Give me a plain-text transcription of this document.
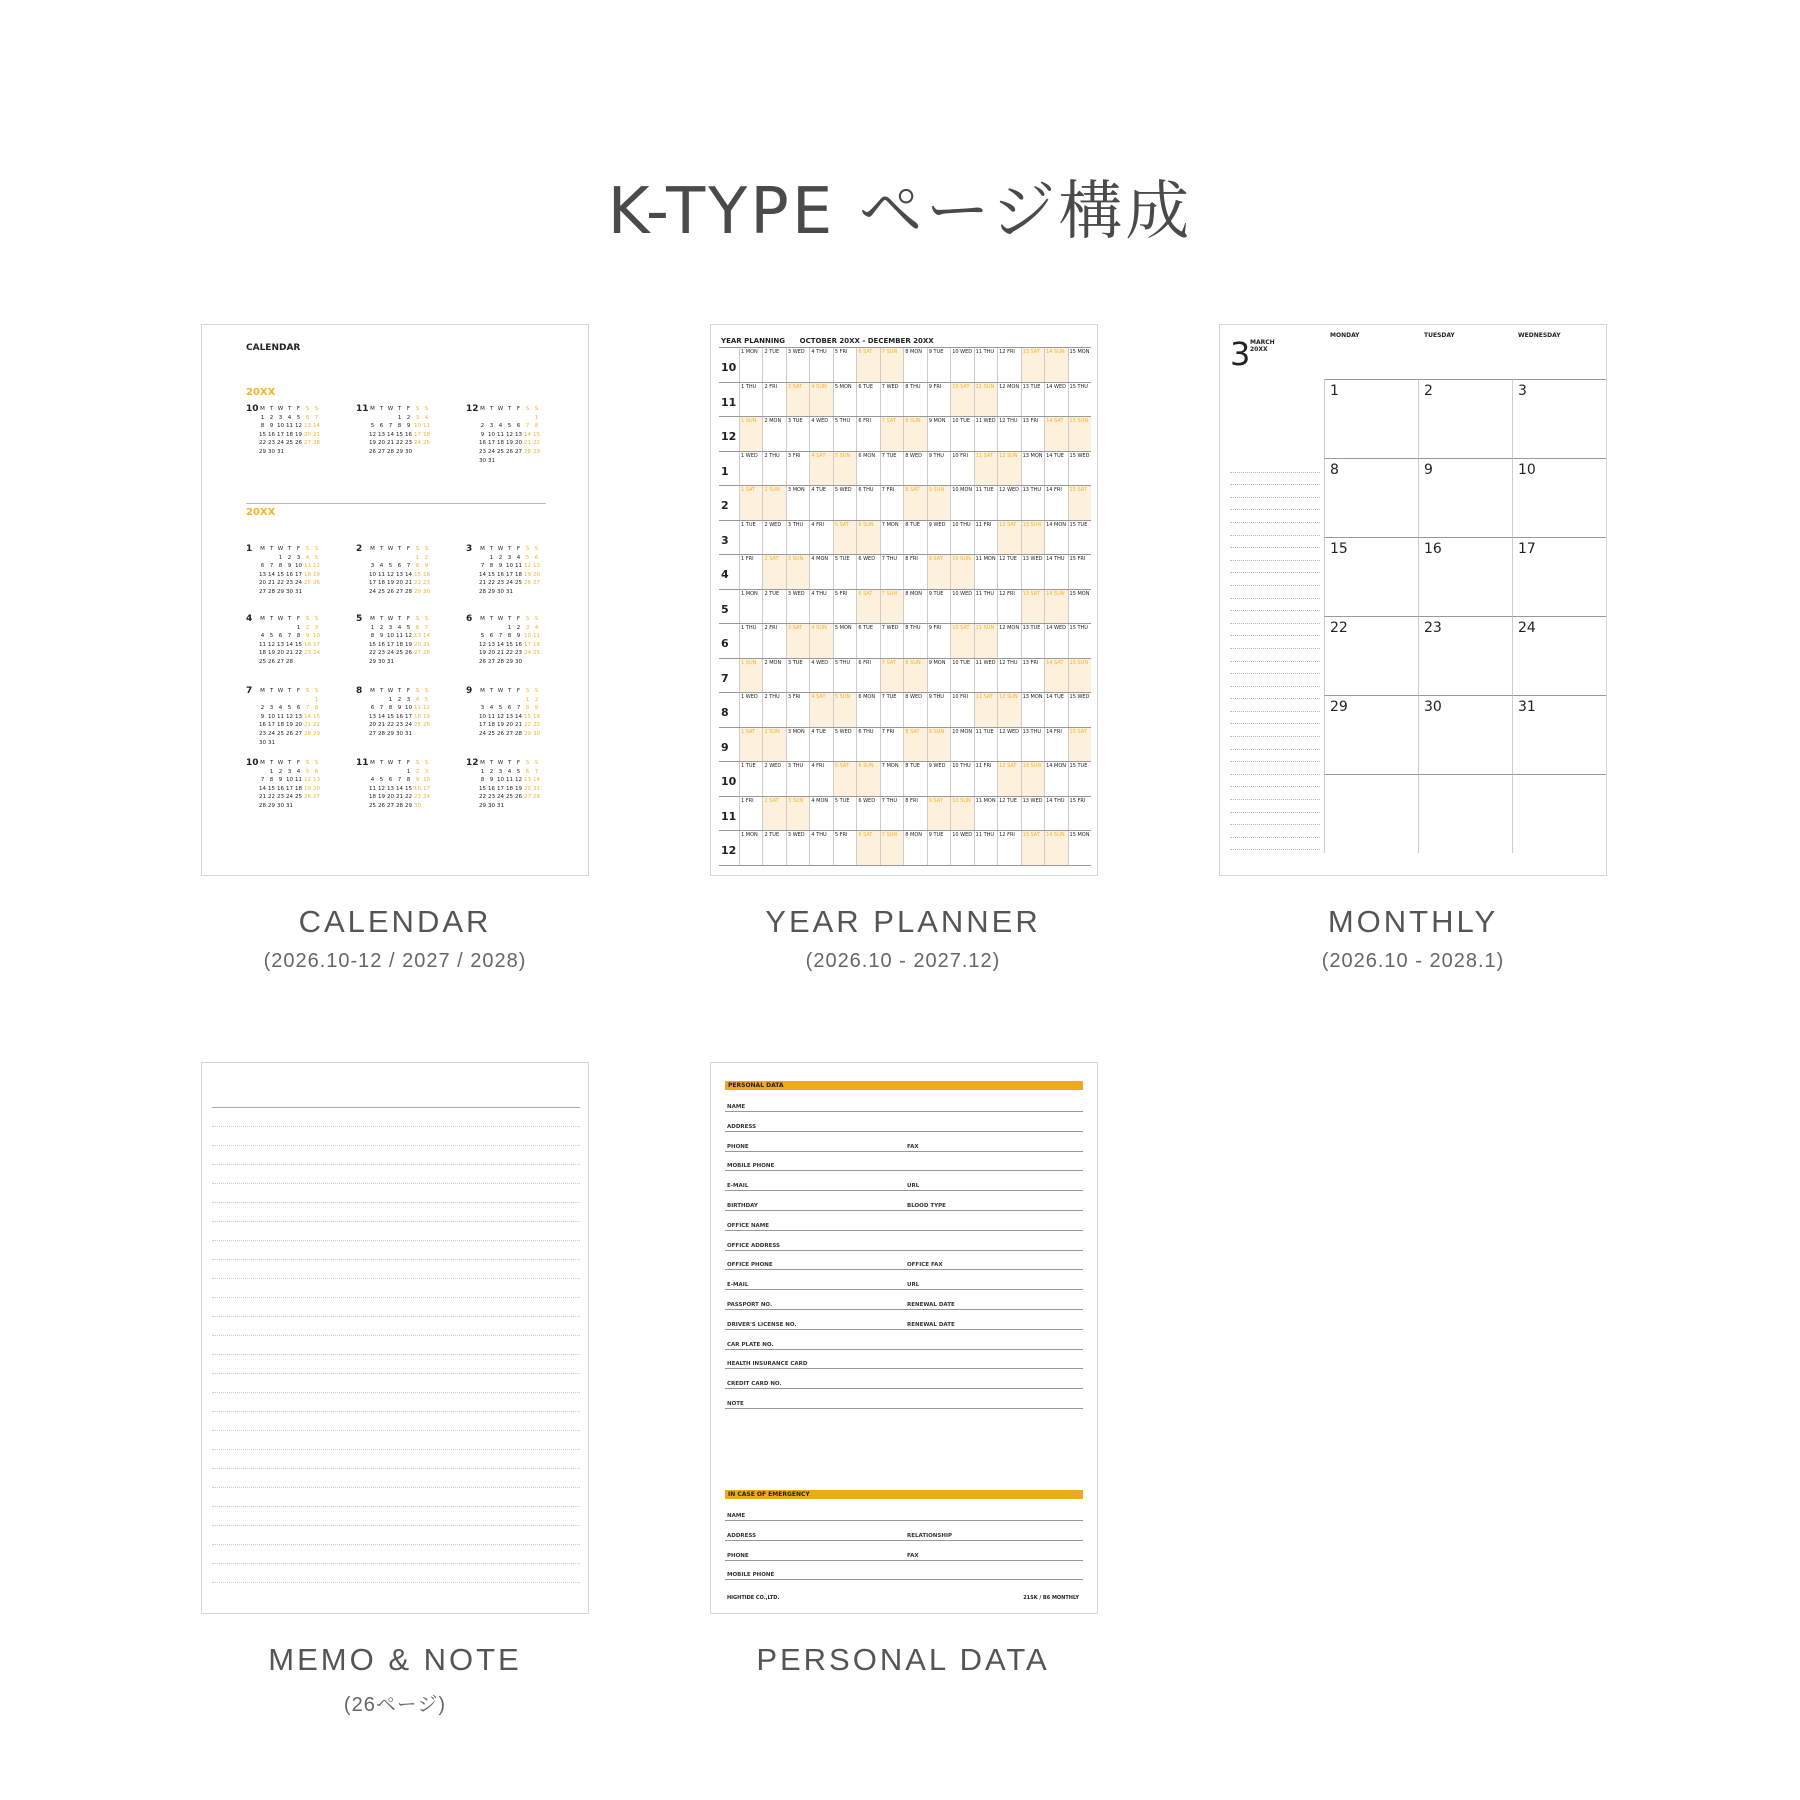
K-TYPE ページ構成
CALENDAR
20XX
20XX
10 M	T	W	T	F	S	S
1	2	3	4	5	6	7
8	9	10	11	12	13	14
15	16	17	18	19	20	21
22	23	24	25	26	27	28
29	30	31				
11 M	T	W	T	F	S	S
			1	2	3	4
5	6	7	8	9	10	11
12	13	14	15	16	17	18
19	20	21	22	23	24	25
26	27	28	29	30		
12 M	T	W	T	F	S	S
						1
2	3	4	5	6	7	8
9	10	11	12	13	14	15
16	17	18	19	20	21	22
23	24	25	26	27	28	29
30	31					
1 M	T	W	T	F	S	S
		1	2	3	4	5
6	7	8	9	10	11	12
13	14	15	16	17	18	19
20	21	22	23	24	25	26
27	28	29	30	31		
2 M	T	W	T	F	S	S
					1	2
3	4	5	6	7	8	9
10	11	12	13	14	15	16
17	18	19	20	21	22	23
24	25	26	27	28	29	30
3 M	T	W	T	F	S	S
	1	2	3	4	5	6
7	8	9	10	11	12	13
14	15	16	17	18	19	20
21	22	23	24	25	26	27
28	29	30	31			
4 M	T	W	T	F	S	S
				1	2	3
4	5	6	7	8	9	10
11	12	13	14	15	16	17
18	19	20	21	22	23	24
25	26	27	28			
5 M	T	W	T	F	S	S
1	2	3	4	5	6	7
8	9	10	11	12	13	14
15	16	17	18	19	20	21
22	23	24	25	26	27	28
29	30	31				
6 M	T	W	T	F	S	S
			1	2	3	4
5	6	7	8	9	10	11
12	13	14	15	16	17	18
19	20	21	22	23	24	25
26	27	28	29	30		
7 M	T	W	T	F	S	S
						1
2	3	4	5	6	7	8
9	10	11	12	13	14	15
16	17	18	19	20	21	22
23	24	25	26	27	28	29
30	31					
8 M	T	W	T	F	S	S
		1	2	3	4	5
6	7	8	9	10	11	12
13	14	15	16	17	18	19
20	21	22	23	24	25	26
27	28	29	30	31		
9 M	T	W	T	F	S	S
					1	2
3	4	5	6	7	8	9
10	11	12	13	14	15	16
17	18	19	20	21	22	23
24	25	26	27	28	29	30
10 M	T	W	T	F	S	S
	1	2	3	4	5	6
7	8	9	10	11	12	13
14	15	16	17	18	19	20
21	22	23	24	25	26	27
28	29	30	31			
11 M	T	W	T	F	S	S
				1	2	3
4	5	6	7	8	9	10
11	12	13	14	15	16	17
18	19	20	21	22	23	24
25	26	27	28	29	30	
12 M	T	W	T	F	S	S
1	2	3	4	5	6	7
8	9	10	11	12	13	14
15	16	17	18	19	20	21
22	23	24	25	26	27	28
29	30	31				
CALENDAR
(2026.10-12 / 2027 / 2028)
YEAR PLANNING OCTOBER 20XX - DECEMBER 20XX
10
1 MON	2 TUE	3 WED	4 THU	5 FRI	6 SAT	7 SUN	8 MON	9 TUE	10 WED 11 THU	12 FRI	13 SAT	14 SUN 15 MON
11
1 THU	2 FRI	3 SAT	4 SUN	5 MON	6 TUE	7 WED	8 THU	9 FRI	10 SAT	11 SUN 12 MON 13 TUE	14 WED 15 THU
12
1 SUN	2 MON	3 TUE	4 WED	5 THU	6 FRI	7 SAT	8 SUN	9 MON	10 TUE	11 WED 12 THU	13 FRI	14 SAT	15 SUN
1
1 WED	2 THU	3 FRI	4 SAT	5 SUN	6 MON	7 TUE	8 WED	9 THU	10 FRI	11 SAT	12 SUN 13 MON 14 TUE	15 WED
2
1 SAT	2 SUN	3 MON	4 TUE	5 WED	6 THU	7 FRI	8 SAT	9 SUN	10 MON 11 TUE	12 WED 13 THU	14 FRI	15 SAT
3
1 TUE	2 WED	3 THU	4 FRI	5 SAT	6 SUN	7 MON	8 TUE	9 WED	10 THU	11 FRI	12 SAT	13 SUN 14 MON 15 TUE
4
1 FRI	2 SAT	3 SUN	4 MON	5 TUE	6 WED	7 THU	8 FRI	9 SAT	10 SUN 11 MON 12 TUE	13 WED 14 THU	15 FRI
5
1 MON	2 TUE	3 WED	4 THU	5 FRI	6 SAT	7 SUN	8 MON	9 TUE	10 WED 11 THU	12 FRI	13 SAT	14 SUN 15 MON
6
1 THU	2 FRI	3 SAT	4 SUN	5 MON	6 TUE	7 WED	8 THU	9 FRI	10 SAT	11 SUN 12 MON 13 TUE	14 WED 15 THU
7
1 SUN	2 MON	3 TUE	4 WED	5 THU	6 FRI	7 SAT	8 SUN	9 MON	10 TUE	11 WED 12 THU	13 FRI	14 SAT	15 SUN
8
1 WED	2 THU	3 FRI	4 SAT	5 SUN	6 MON	7 TUE	8 WED	9 THU	10 FRI	11 SAT	12 SUN 13 MON 14 TUE	15 WED
9
1 SAT	2 SUN	3 MON	4 TUE	5 WED	6 THU	7 FRI	8 SAT	9 SUN	10 MON 11 TUE	12 WED 13 THU	14 FRI	15 SAT
10
1 TUE	2 WED	3 THU	4 FRI	5 SAT	6 SUN	7 MON	8 TUE	9 WED	10 THU	11 FRI	12 SAT	13 SUN 14 MON 15 TUE
11
1 FRI	2 SAT	3 SUN	4 MON	5 TUE	6 WED	7 THU	8 FRI	9 SAT	10 SUN 11 MON 12 TUE	13 WED 14 THU	15 FRI
12
1 MON	2 TUE	3 WED	4 THU	5 FRI	6 SAT	7 SUN	8 MON	9 TUE	10 WED 11 THU	12 FRI	13 SAT	14 SUN 15 MON
YEAR PLANNER
(2026.10 - 2027.12)
3 MARCH
20XX
MONDAY	TUESDAY	WEDNESDAY
1	2	3
8	9	10
15	16	17
22	23	24
29	30	31
MONTHLY
(2026.10 - 2028.1)
MEMO & NOTE
(26ページ)
PERSONAL DATA
IN CASE OF EMERGENCY
HIGHTIDE CO.,LTD.	21SK / B6 MONTHLY
NAME
ADDRESS
PHONE	FAX
MOBILE PHONE
E-MAIL	URL
BIRTHDAY	BLOOD TYPE
OFFICE NAME
OFFICE ADDRESS
OFFICE PHONE	OFFICE FAX
E-MAIL	URL
PASSPORT NO.	RENEWAL DATE
DRIVER'S LICENSE NO.	RENEWAL DATE
CAR PLATE NO.
HEALTH INSURANCE CARD
CREDIT CARD NO.
NOTE
NAME
ADDRESS	RELATIONSHIP
PHONE	FAX
MOBILE PHONE
PERSONAL DATA
